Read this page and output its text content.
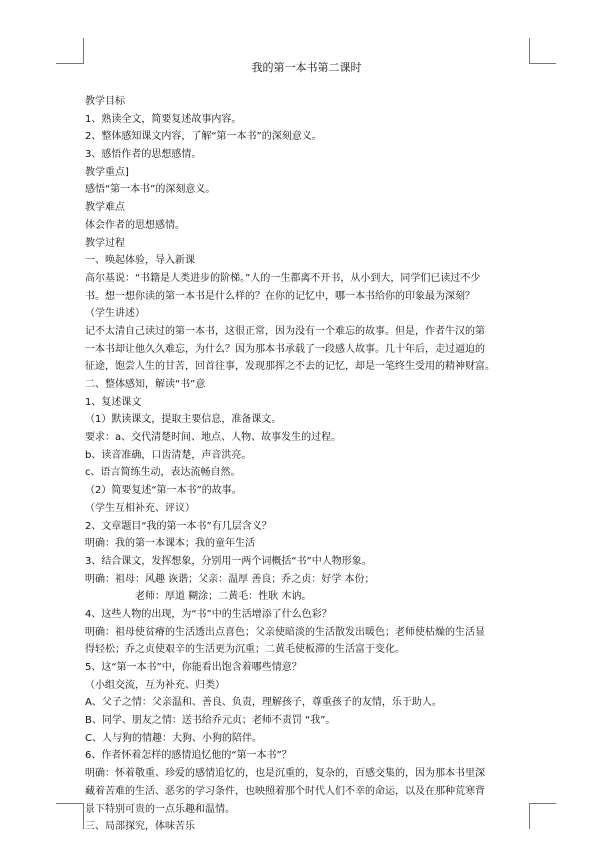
我的第一本书第二课时
教学目标
1、熟读全文，简要复述故事内容。
2、整体感知课文内容，了解“第一本书”的深刻意义。
3、感悟作者的思想感情。
教学重点]
感悟“第一本书”的深刻意义。
教学难点
体会作者的思想感情。
教学过程
一、唤起体验，导入新课
高尔基说：“书籍是人类进步的阶梯。”人的一生都离不开书，从小到大，同学们已读过不少
书。想一想你读的第一本书是什么样的？在你的记忆中，哪一本书给你的印象最为深刻？
（学生讲述）
记不太清自己读过的第一本书，这很正常，因为没有一个难忘的故事。但是，作者牛汉的第
一本书却让他久久难忘，为什么？因为那本书承载了一段感人故事。几十年后，走过逼迫的
征途，饱尝人生的甘苦，回首往事，发现那挥之不去的记忆，却是一笔终生受用的精神财富。
二、整体感知，解读“书”意
1、复述课文
（1）默读课文，提取主要信息，准备课文。
要求：a、交代清楚时间、地点、人物、故事发生的过程。
b、读音准确，口齿清楚，声音洪亮。
c、语言简练生动，表达流畅自然。
（2）简要复述“第一本书”的故事。
（学生互相补充、评议）
2、文章题目“我的第一本书”有几层含义？
明确：我的第一本课本；我的童年生活
3、结合课文，发挥想象，分别用一两个词概括“书”中人物形象。
明确：祖母：风趣 诙谐；父亲：温厚 善良；乔之贞：好学 本份；
老师：厚道 糊涂；二黄毛：性耿 木讷。
4、这些人物的出现，为“书”中的生活增添了什么色彩？
明确：祖母使贫瘠的生活透出点喜色；父亲使暗淡的生活散发出暖色；老师使枯燥的生活显
得轻松；乔之贞使艰辛的生活更为沉重；二黄毛使板滞的生活富于变化。
5、这“第一本书”中，你能看出饱含着哪些情意？
（小组交流，互为补充、归类）
A、父子之情：父亲温和、善良、负责，理解孩子，尊重孩子的友情，乐于助人。
B、同学、朋友之情：送书给乔元贞；老师不责罚 “我”。
C、人与狗的情趣：大狗、小狗的陪伴。
6、作者怀着怎样的感情追忆他的“第一本书”？
明确：怀着敬重、珍爱的感情追忆的，也是沉重的，复杂的，百感交集的，因为那本书里深
藏着苦难的生活、恶劣的学习条件，也映照着那个时代人们不幸的命运，以及在那种荒寒背
景下特别可贵的一点乐趣和温情。
三、局部探究，体味苦乐
